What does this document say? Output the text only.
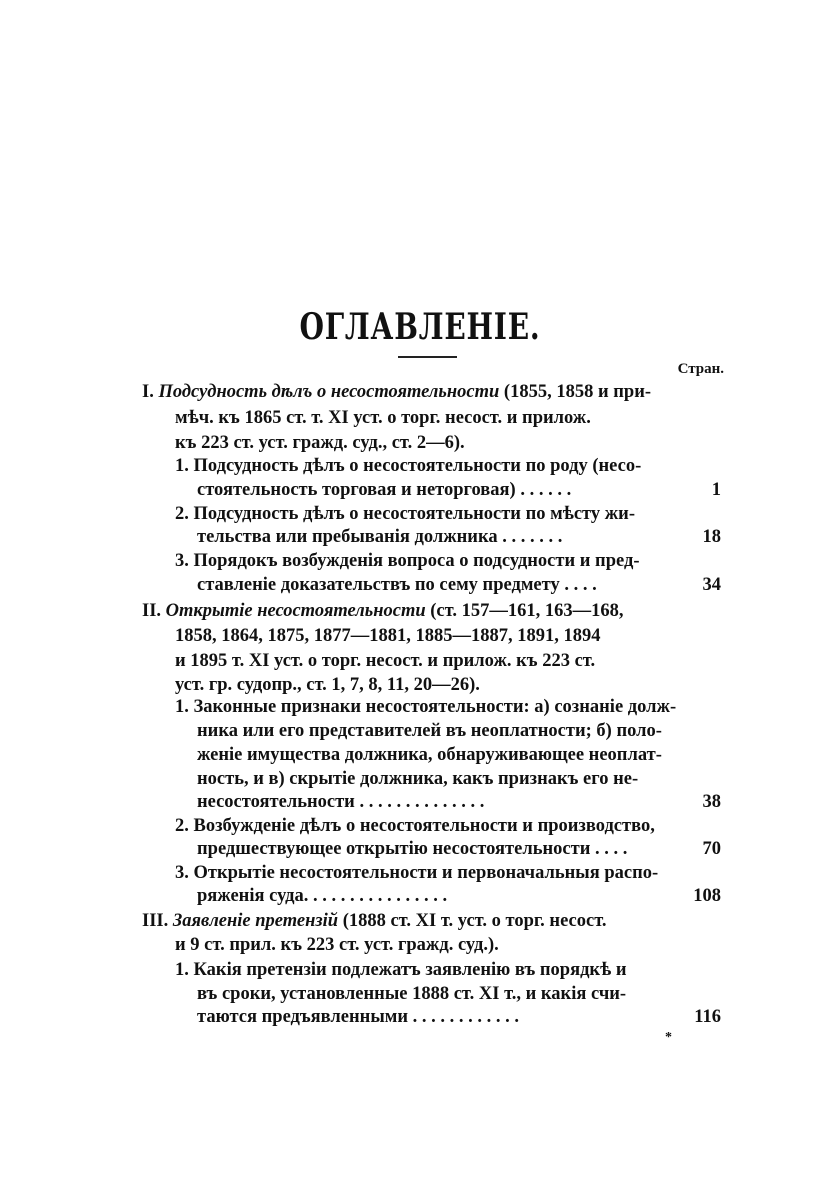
ОГЛАВЛЕНІЕ.
Стран.
I. Подсудность дѣлъ о несостоятельности (1855, 1858 и при-
мѣч. къ 1865 ст. т. XI уст. о торг. несост. и прилож.
къ 223 ст. уст. гражд. суд., ст. 2—6).
1. Подсудность дѣлъ о несостоятельности по роду (несо-
стоятельность торговая и неторговая) . . . . . .	1
2. Подсудность дѣлъ о несостоятельности по мѣсту жи-
тельства или пребыванія должника . . . . . . .	18
3. Порядокъ возбужденія вопроса о подсудности и пред-
ставленіе доказательствъ по сему предмету . . . .	34
II. Открытіе несостоятельности (ст. 157—161, 163—168,
1858, 1864, 1875, 1877—1881, 1885—1887, 1891, 1894
и 1895 т. XI уст. о торг. несост. и прилож. къ 223 ст.
уст. гр. судопр., ст. 1, 7, 8, 11, 20—26).
1. Законные признаки несостоятельности: а) сознаніе долж-
ника или его представителей въ неоплатности; б) поло-
женіе имущества должника, обнаруживающее неоплат-
ность, и в) скрытіе должника, какъ признакъ его не-
несостоятельности . . . . . . . . . . . . . .	38
2. Возбужденіе дѣлъ о несостоятельности и производство,
предшествующее открытію несостоятельности . . . .	70
3. Открытіе несостоятельности и первоначальныя распо-
ряженія суда. . . . . . . . . . . . . . . .	108
III. Заявленіе претензій (1888 ст. XI т. уст. о торг. несост.
и 9 ст. прил. къ 223 ст. уст. гражд. суд.).
1. Какія претензіи подлежатъ заявленію въ порядкѣ и
въ сроки, установленные 1888 ст. XI т., и какія счи-
таются предъявленными . . . . . . . . . . . .	116
*
